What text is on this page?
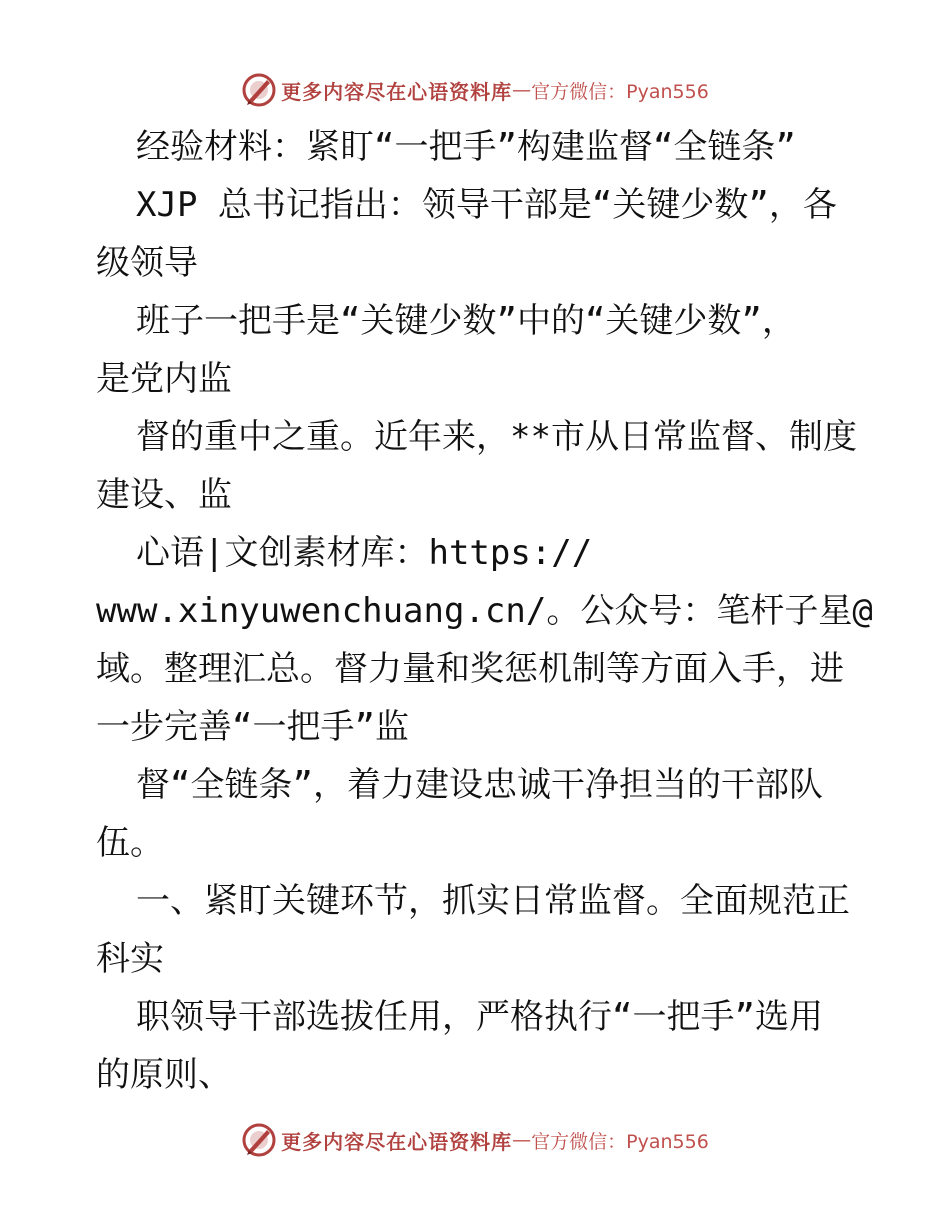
更多内容尽在心语资料库 — 官方微信：Pyan556
经验材料：紧盯“一把手”构建监督“全链条”
XJP 总书记指出：领导干部是“关键少数”，各
级领导
班子一把手是“关键少数”中的“关键少数”，
是党内监
督的重中之重。近年来，**市从日常监督、制度
建设、监
心语|文创素材库：https://
www.xinyuwenchuang.cn/。公众号：笔杆子星@
域。整理汇总。督力量和奖惩机制等方面入手，进
一步完善“一把手”监
督“全链条”，着力建设忠诚干净担当的干部队
伍。
一、紧盯关键环节，抓实日常监督。全面规范正
科实
职领导干部选拔任用，严格执行“一把手”选用
的原则、
更多内容尽在心语资料库 — 官方微信：Pyan556
